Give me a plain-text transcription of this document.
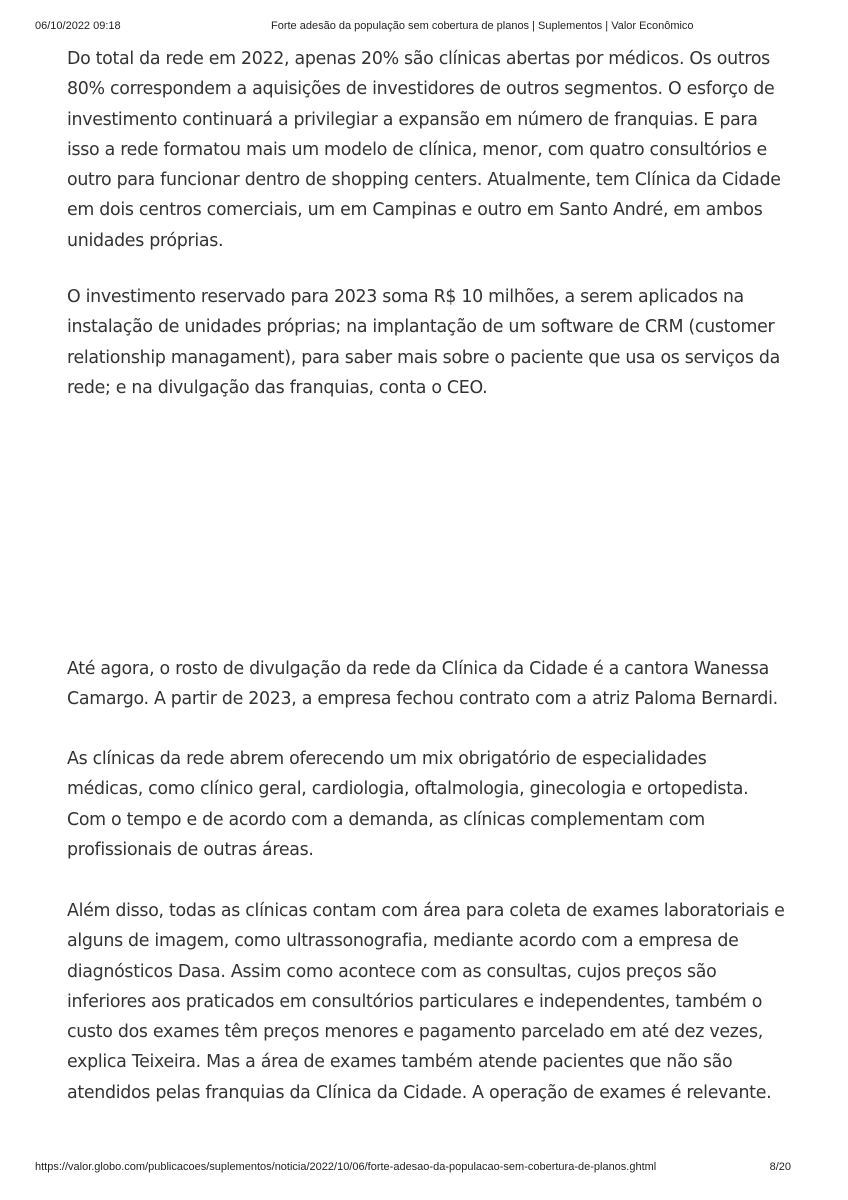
06/10/2022 09:18	Forte adesão da população sem cobertura de planos | Suplementos | Valor Econômico

Do total da rede em 2022, apenas 20% são clínicas abertas por médicos. Os outros
80% correspondem a aquisições de investidores de outros segmentos. O esforço de
investimento continuará a privilegiar a expansão em número de franquias. E para
isso a rede formatou mais um modelo de clínica, menor, com quatro consultórios e
outro para funcionar dentro de shopping centers. Atualmente, tem Clínica da Cidade
em dois centros comerciais, um em Campinas e outro em Santo André, em ambos
unidades próprias.

O investimento reservado para 2023 soma R$ 10 milhões, a serem aplicados na
instalação de unidades próprias; na implantação de um software de CRM (customer
relationship managament), para saber mais sobre o paciente que usa os serviços da
rede; e na divulgação das franquias, conta o CEO.

Até agora, o rosto de divulgação da rede da Clínica da Cidade é a cantora Wanessa
Camargo. A partir de 2023, a empresa fechou contrato com a atriz Paloma Bernardi.

As clínicas da rede abrem oferecendo um mix obrigatório de especialidades
médicas, como clínico geral, cardiologia, oftalmologia, ginecologia e ortopedista.
Com o tempo e de acordo com a demanda, as clínicas complementam com
profissionais de outras áreas.

Além disso, todas as clínicas contam com área para coleta de exames laboratoriais e
alguns de imagem, como ultrassonografia, mediante acordo com a empresa de
diagnósticos Dasa. Assim como acontece com as consultas, cujos preços são
inferiores aos praticados em consultórios particulares e independentes, também o
custo dos exames têm preços menores e pagamento parcelado em até dez vezes,
explica Teixeira. Mas a área de exames também atende pacientes que não são
atendidos pelas franquias da Clínica da Cidade. A operação de exames é relevante.

https://valor.globo.com/publicacoes/suplementos/noticia/2022/10/06/forte-adesao-da-populacao-sem-cobertura-de-planos.ghtml	8/20
